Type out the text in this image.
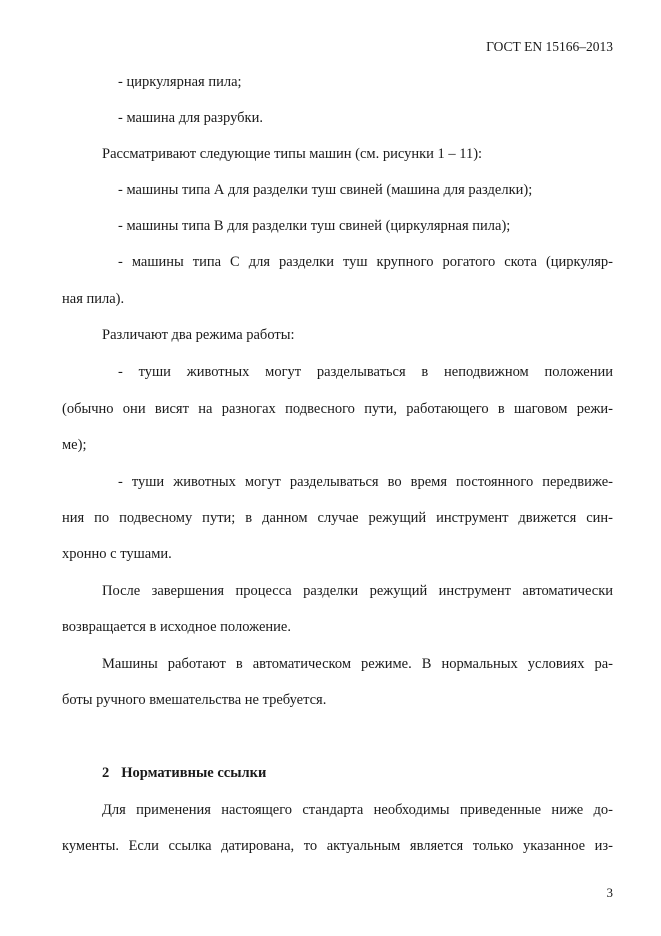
ГОСТ EN 15166–2013
- циркулярная пила;
- машина для разрубки.
Рассматривают следующие типы машин (см. рисунки 1 – 11):
- машины типа А для разделки туш свиней (машина для разделки);
- машины типа В для разделки туш свиней (циркулярная пила);
- машины типа С для разделки туш крупного рогатого скота (циркуляр-
ная пила).
Различают два режима работы:
- туши животных могут разделываться в неподвижном положении
(обычно они висят на разногах подвесного пути, работающего в шаговом режи-
ме);
- туши животных могут разделываться во время постоянного передвиже-
ния по подвесному пути; в данном случае режущий инструмент движется син-
хронно с тушами.
После завершения процесса разделки режущий инструмент автоматически
возвращается в исходное положение.
Машины работают в автоматическом режиме. В нормальных условиях ра-
боты ручного вмешательства не требуется.
2 Нормативные ссылки
Для применения настоящего стандарта необходимы приведенные ниже до-
кументы. Если ссылка датирована, то актуальным является только указанное из-
3
